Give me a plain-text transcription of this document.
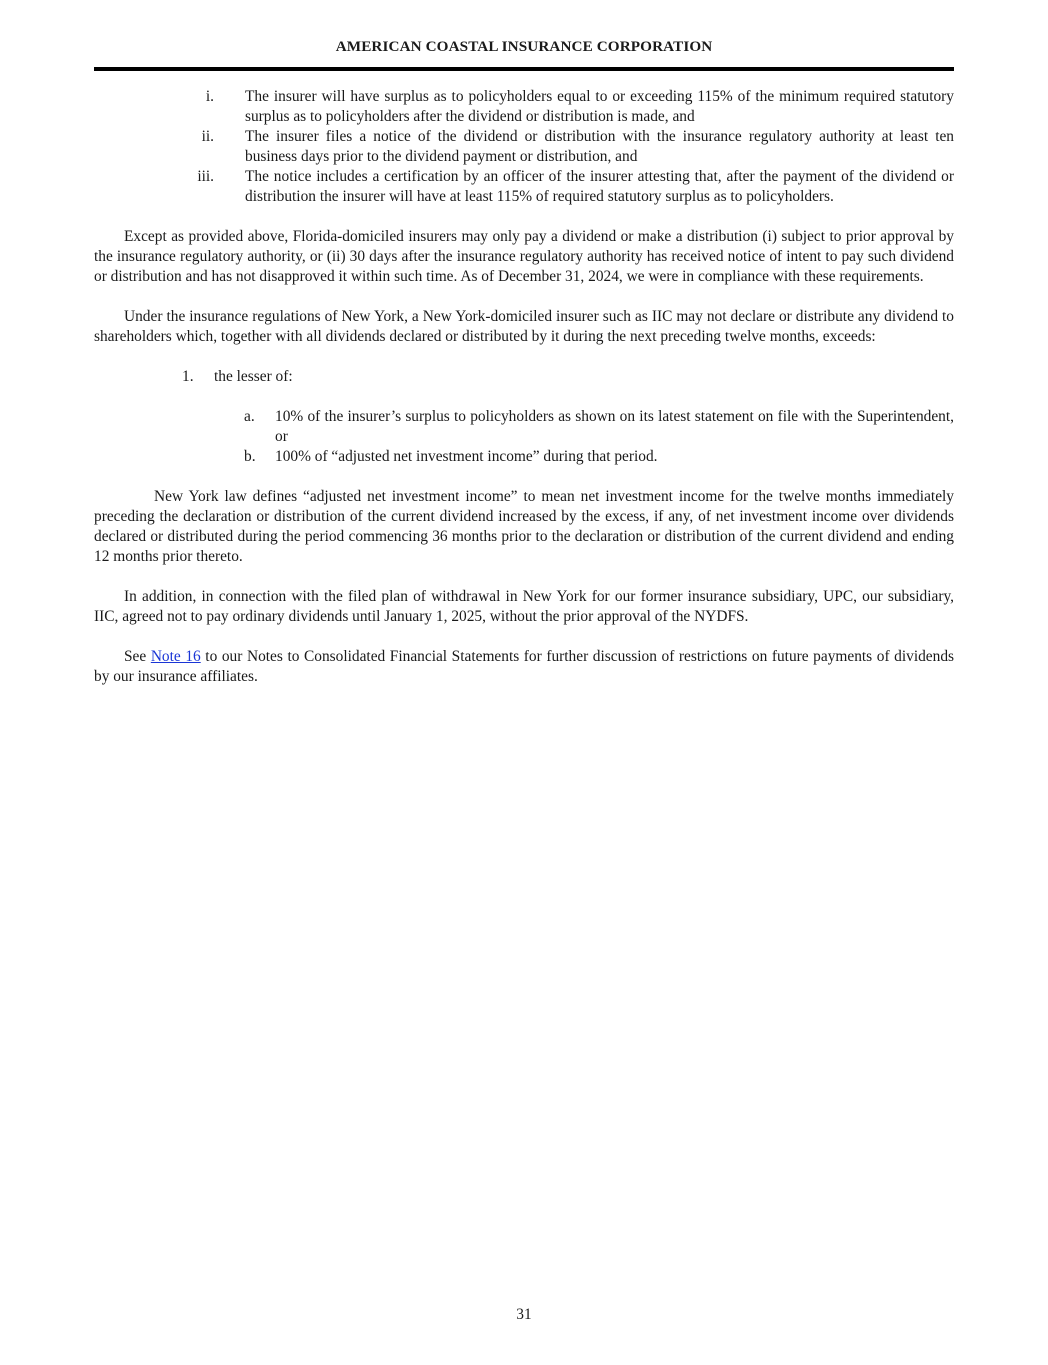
AMERICAN COASTAL INSURANCE CORPORATION
i. The insurer will have surplus as to policyholders equal to or exceeding 115% of the minimum required statutory surplus as to policyholders after the dividend or distribution is made, and
ii. The insurer files a notice of the dividend or distribution with the insurance regulatory authority at least ten business days prior to the dividend payment or distribution, and
iii. The notice includes a certification by an officer of the insurer attesting that, after the payment of the dividend or distribution the insurer will have at least 115% of required statutory surplus as to policyholders.

Except as provided above, Florida-domiciled insurers may only pay a dividend or make a distribution (i) subject to prior approval by the insurance regulatory authority, or (ii) 30 days after the insurance regulatory authority has received notice of intent to pay such dividend or distribution and has not disapproved it within such time. As of December 31, 2024, we were in compliance with these requirements.

Under the insurance regulations of New York, a New York-domiciled insurer such as IIC may not declare or distribute any dividend to shareholders which, together with all dividends declared or distributed by it during the next preceding twelve months, exceeds:

1. the lesser of:
a. 10% of the insurer’s surplus to policyholders as shown on its latest statement on file with the Superintendent, or
b. 100% of “adjusted net investment income” during that period.

New York law defines “adjusted net investment income” to mean net investment income for the twelve months immediately preceding the declaration or distribution of the current dividend increased by the excess, if any, of net investment income over dividends declared or distributed during the period commencing 36 months prior to the declaration or distribution of the current dividend and ending 12 months prior thereto.

In addition, in connection with the filed plan of withdrawal in New York for our former insurance subsidiary, UPC, our subsidiary, IIC, agreed not to pay ordinary dividends until January 1, 2025, without the prior approval of the NYDFS.

See Note 16 to our Notes to Consolidated Financial Statements for further discussion of restrictions on future payments of dividends by our insurance affiliates.

31
